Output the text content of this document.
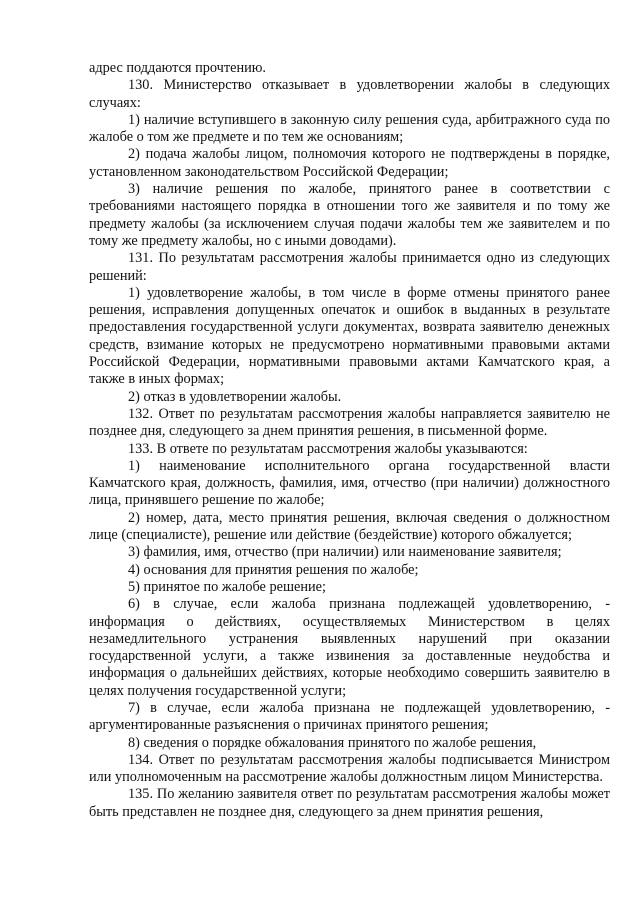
адрес поддаются прочтению.

130. Министерство отказывает в удовлетворении жалобы в следующих случаях:

1) наличие вступившего в законную силу решения суда, арбитражного суда по жалобе о том же предмете и по тем же основаниям;

2) подача жалобы лицом, полномочия которого не подтверждены в порядке, установленном законодательством Российской Федерации;

3) наличие решения по жалобе, принятого ранее в соответствии с требованиями настоящего порядка в отношении того же заявителя и по тому же предмету жалобы (за исключением случая подачи жалобы тем же заявителем и по тому же предмету жалобы, но с иными доводами).

131. По результатам рассмотрения жалобы принимается одно из следующих решений:

1) удовлетворение жалобы, в том числе в форме отмены принятого ранее решения, исправления допущенных опечаток и ошибок в выданных в результате предоставления государственной услуги документах, возврата заявителю денежных средств, взимание которых не предусмотрено нормативными правовыми актами Российской Федерации, нормативными правовыми актами Камчатского края, а также в иных формах;

2) отказ в удовлетворении жалобы.

132. Ответ по результатам рассмотрения жалобы направляется заявителю не позднее дня, следующего за днем принятия решения, в письменной форме.

133. В ответе по результатам рассмотрения жалобы указываются:

1) наименование исполнительного органа государственной власти Камчатского края, должность, фамилия, имя, отчество (при наличии) должностного лица, принявшего решение по жалобе;

2) номер, дата, место принятия решения, включая сведения о должностном лице (специалисте), решение или действие (бездействие) которого обжалуется;

3) фамилия, имя, отчество (при наличии) или наименование заявителя;

4) основания для принятия решения по жалобе;

5) принятое по жалобе решение;

6) в случае, если жалоба признана подлежащей удовлетворению, - информация о действиях, осуществляемых Министерством в целях незамедлительного устранения выявленных нарушений при оказании государственной услуги, а также извинения за доставленные неудобства и информация о дальнейших действиях, которые необходимо совершить заявителю в целях получения государственной услуги;

7) в случае, если жалоба признана не подлежащей удовлетворению, - аргументированные разъяснения о причинах принятого решения;

8) сведения о порядке обжалования принятого по жалобе решения,

134. Ответ по результатам рассмотрения жалобы подписывается Министром или уполномоченным на рассмотрение жалобы должностным лицом Министерства.

135. По желанию заявителя ответ по результатам рассмотрения жалобы может быть представлен не позднее дня, следующего за днем принятия решения,
